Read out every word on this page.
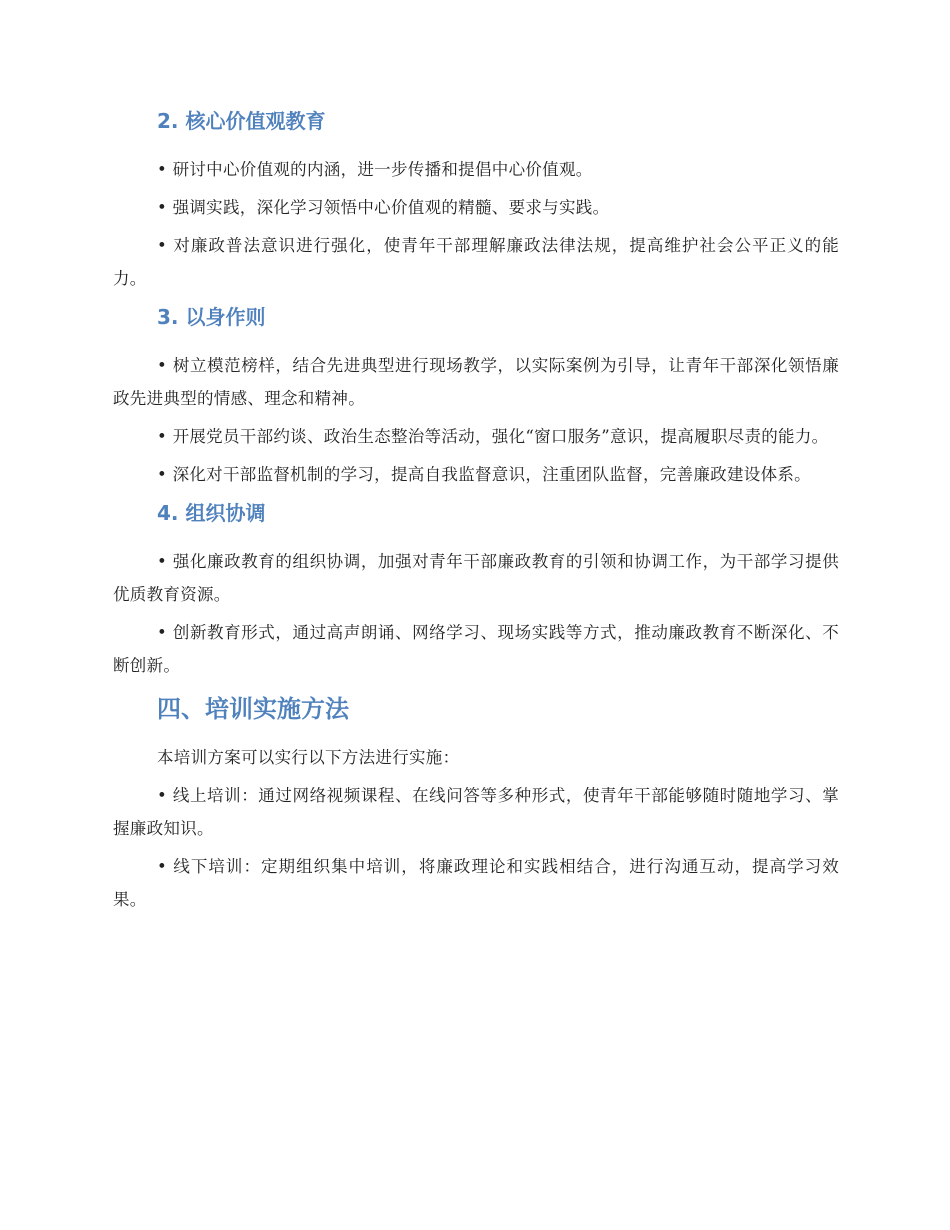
2. 核心价值观教育

• 研讨中心价值观的内涵，进一步传播和提倡中心价值观。

• 强调实践，深化学习领悟中心价值观的精髓、要求与实践。

• 对廉政普法意识进行强化，使青年干部理解廉政法律法规，提高维护社会公平正义的能力。

3. 以身作则

• 树立模范榜样，结合先进典型进行现场教学，以实际案例为引导，让青年干部深化领悟廉政先进典型的情感、理念和精神。

• 开展党员干部约谈、政治生态整治等活动，强化“窗口服务”意识，提高履职尽责的能力。

• 深化对干部监督机制的学习，提高自我监督意识，注重团队监督，完善廉政建设体系。

4. 组织协调

• 强化廉政教育的组织协调，加强对青年干部廉政教育的引领和协调工作，为干部学习提供优质教育资源。

• 创新教育形式，通过高声朗诵、网络学习、现场实践等方式，推动廉政教育不断深化、不断创新。

四、培训实施方法

本培训方案可以实行以下方法进行实施：

• 线上培训：通过网络视频课程、在线问答等多种形式，使青年干部能够随时随地学习、掌握廉政知识。

• 线下培训：定期组织集中培训，将廉政理论和实践相结合，进行沟通互动，提高学习效果。
